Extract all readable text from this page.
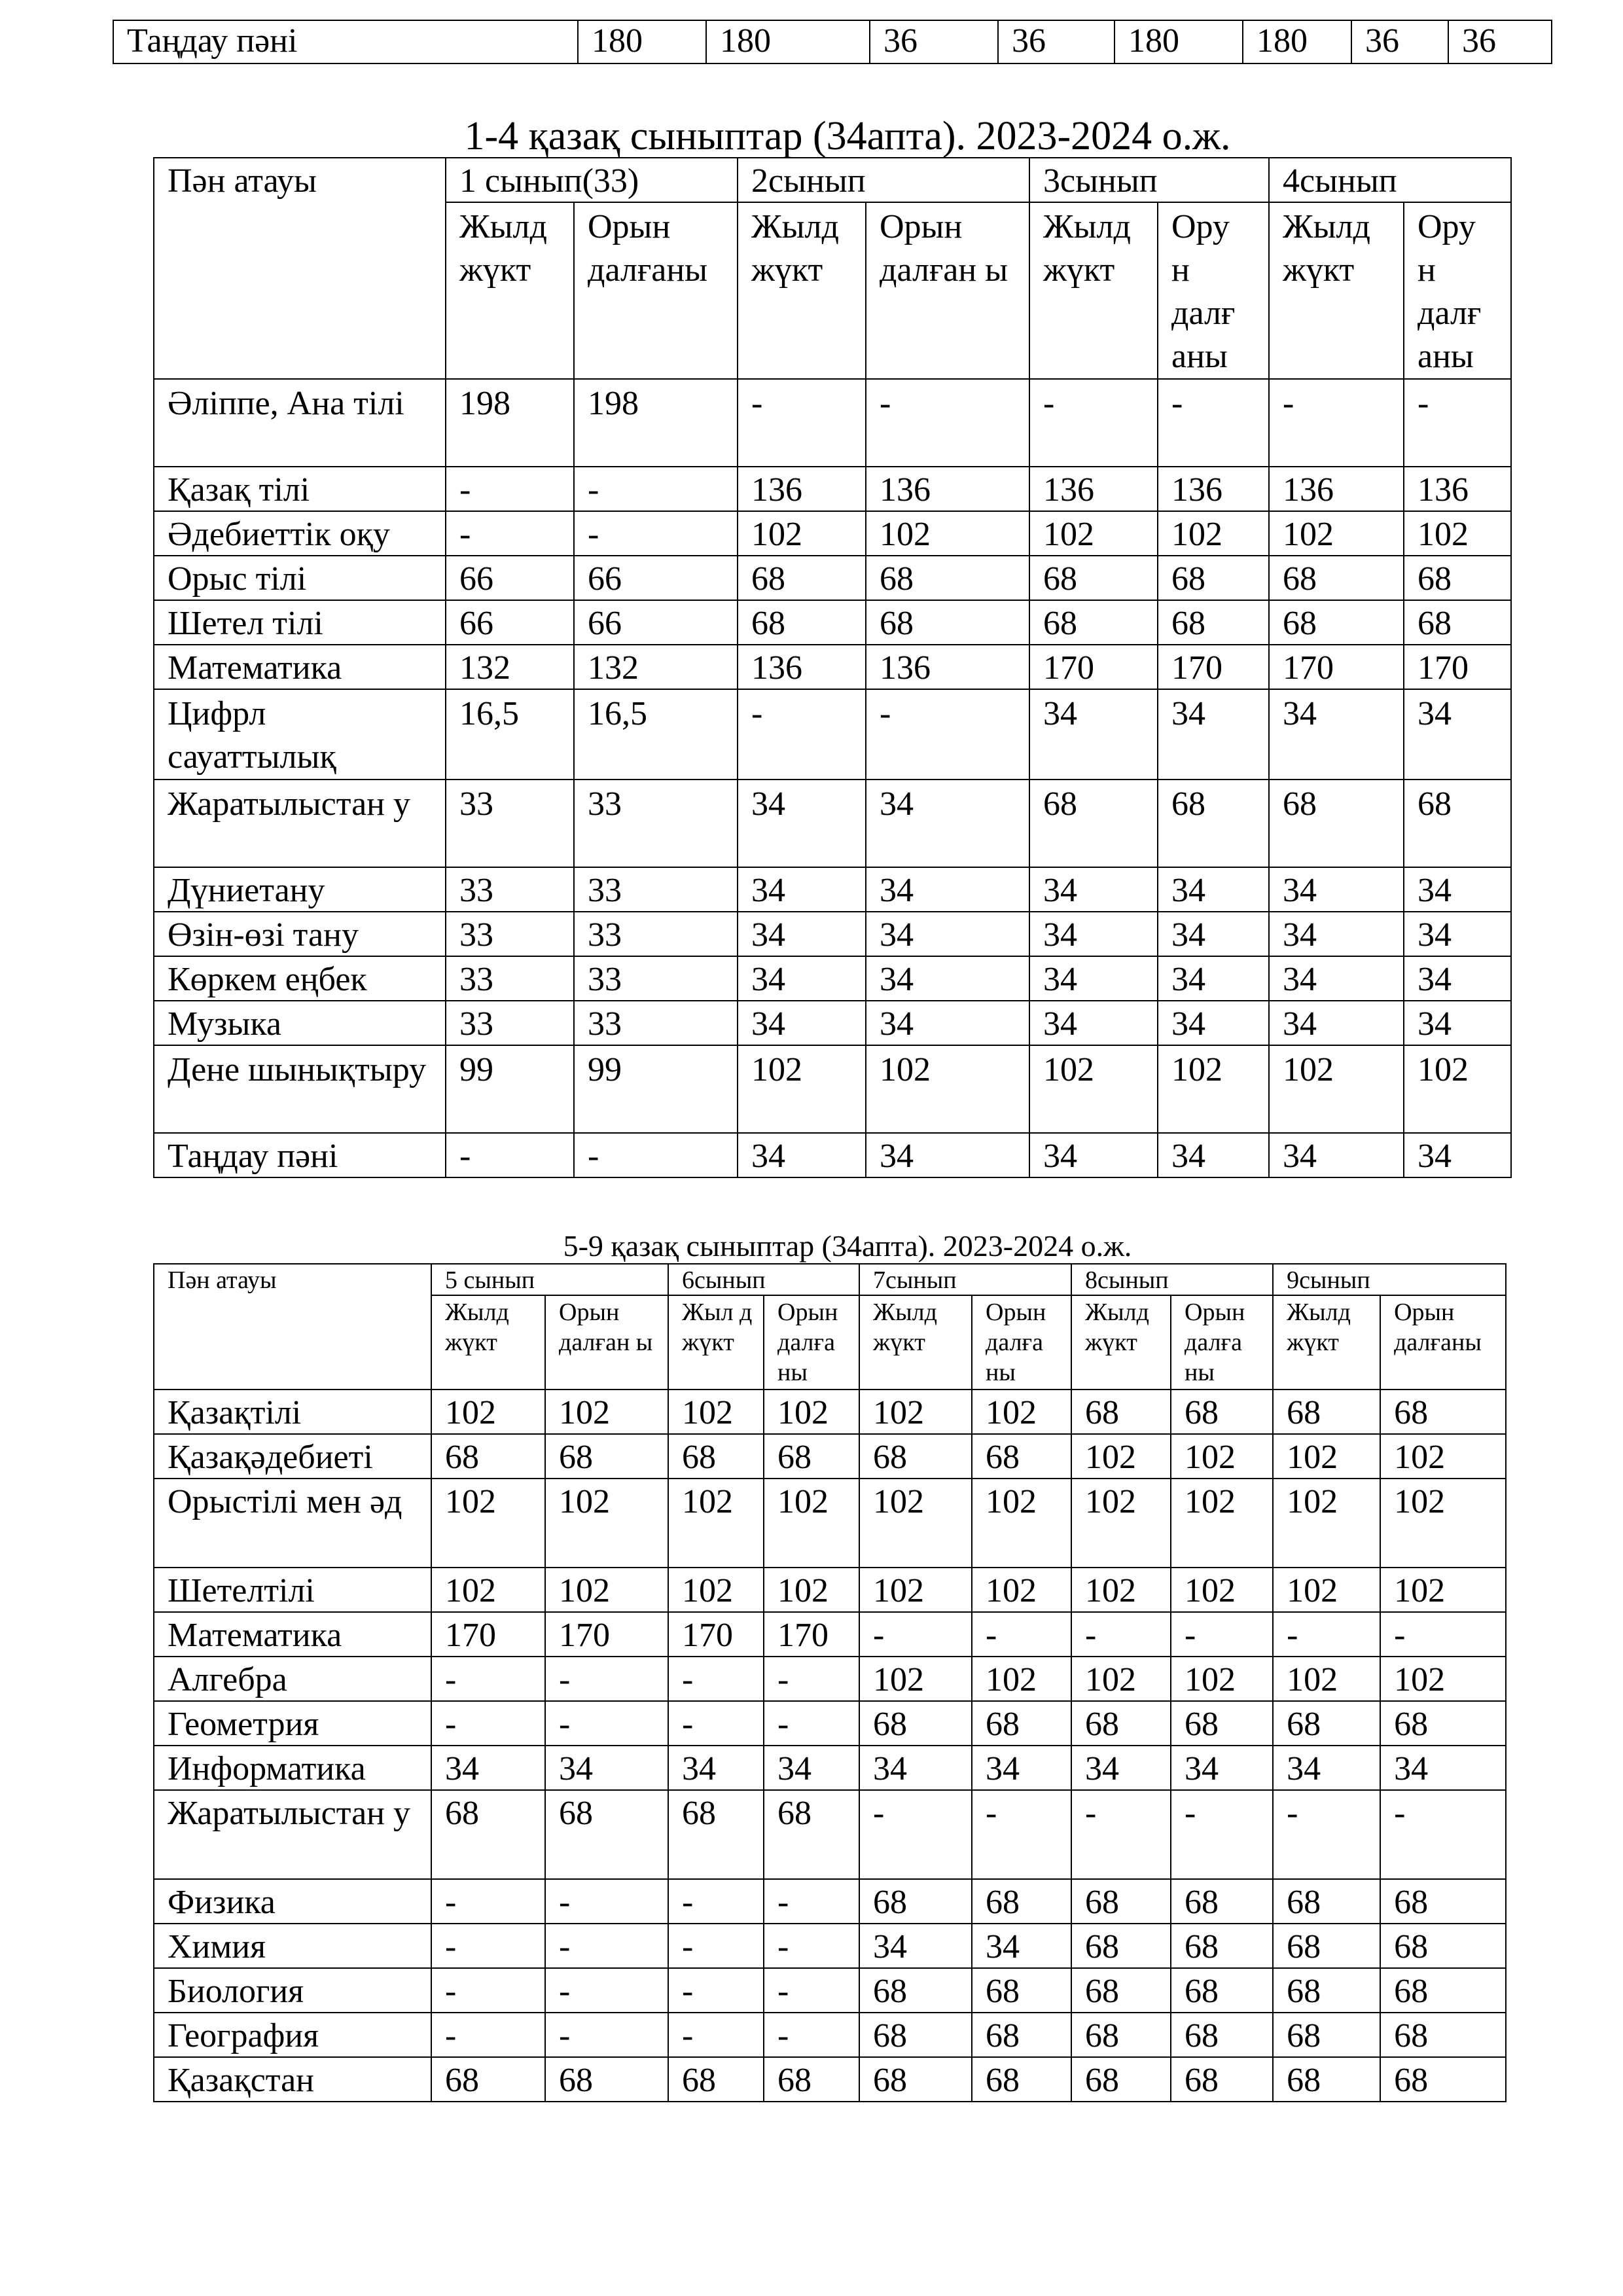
Таңдау пәні	180	180	36	36	180	180	36	36
1-4 қазақ сыныптар (34апта). 2023-2024 о.ж.
Пән атауы	1 сынып(33)		2сынып		3сынып		4сынып	
	Жылд жүкт	Орын далғаны	Жылд жүкт	Орын далған ы	Жылд жүкт	Ору н далғ аны	Жылд жүкт	Ору н далғ аны
Әліппе, Ана тілі	198	198	-	-	-	-	-	-
Қазақ тілі	-	-	136	136	136	136	136	136
Әдебиеттік оқу	-	-	102	102	102	102	102	102
Орыс тілі	66	66	68	68	68	68	68	68
Шетел тілі	66	66	68	68	68	68	68	68
Математика	132	132	136	136	170	170	170	170
Цифрл сауаттылық	16,5	16,5	-	-	34	34	34	34
Жаратылыстан у	33	33	34	34	68	68	68	68
Дүниетану	33	33	34	34	34	34	34	34
Өзін-өзі тану	33	33	34	34	34	34	34	34
Көркем еңбек	33	33	34	34	34	34	34	34
Музыка	33	33	34	34	34	34	34	34
Дене шынықтыру	99	99	102	102	102	102	102	102
Таңдау пәні	-	-	34	34	34	34	34	34
5-9 қазақ сыныптар (34апта). 2023-2024 о.ж.
Пән атауы	5 сынып		6сынып		7сынып		8сынып		9сынып	
	Жылд жүкт	Орын далған ы	Жыл д жүкт	Орын далға ны	Жылд жүкт	Орын далға ны	Жылд жүкт	Орын далға ны	Жылд жүкт	Орын далғаны
Қазақтілі	102	102	102	102	102	102	68	68	68	68
Қазақәдебиеті	68	68	68	68	68	68	102	102	102	102
Орыстілі мен әд	102	102	102	102	102	102	102	102	102	102
Шетелтілі	102	102	102	102	102	102	102	102	102	102
Математика	170	170	170	170	-	-	-	-	-	-
Алгебра	-	-	-	-	102	102	102	102	102	102
Геометрия	-	-	-	-	68	68	68	68	68	68
Информатика	34	34	34	34	34	34	34	34	34	34
Жаратылыстан у	68	68	68	68	-	-	-	-	-	-
Физика	-	-	-	-	68	68	68	68	68	68
Химия	-	-	-	-	34	34	68	68	68	68
Биология	-	-	-	-	68	68	68	68	68	68
География	-	-	-	-	68	68	68	68	68	68
Қазақстан	68	68	68	68	68	68	68	68	68	68
